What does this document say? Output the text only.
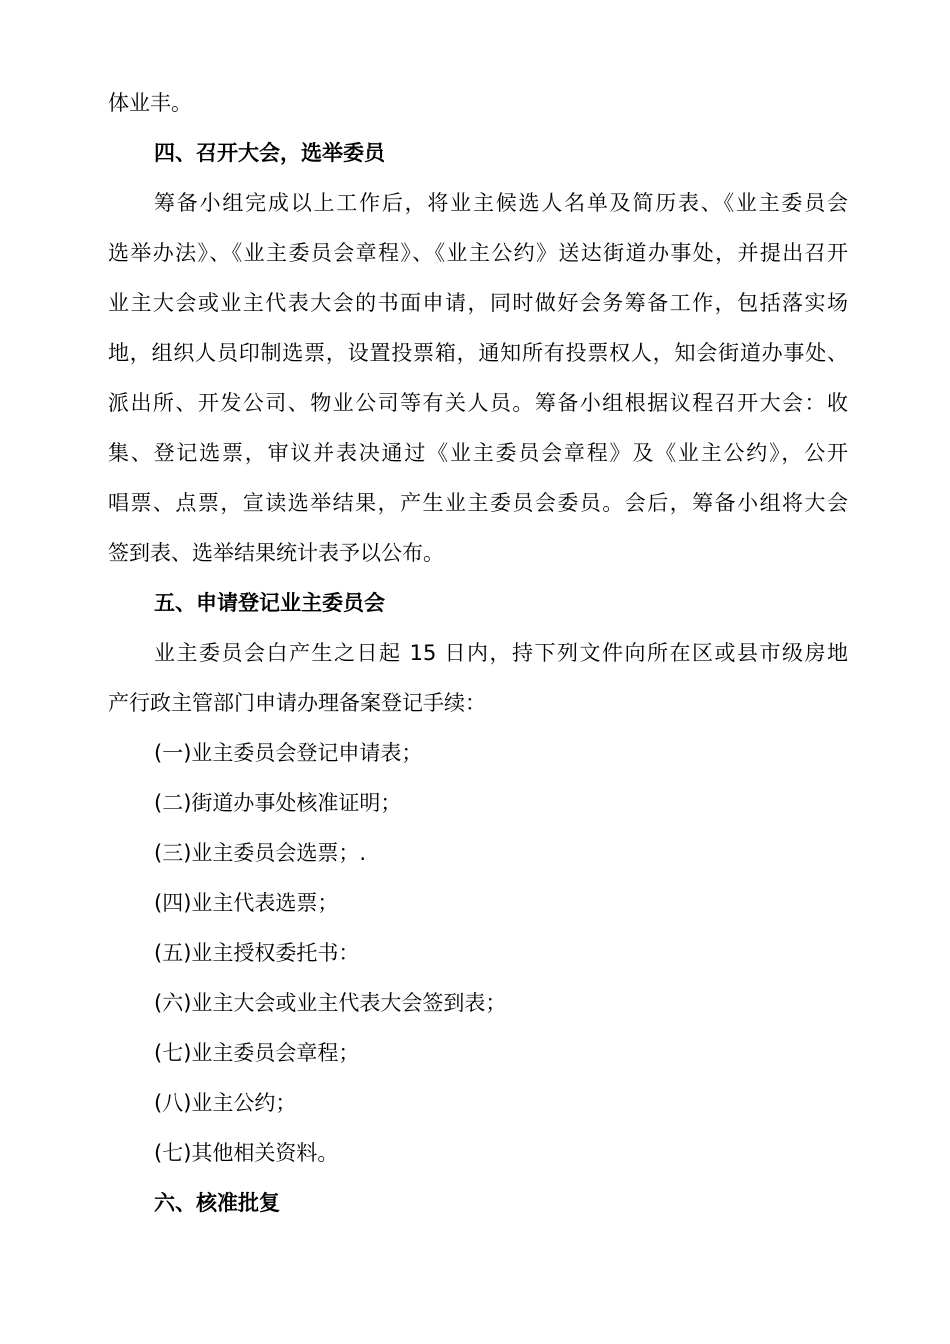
体业丰。
四、召开大会，选举委员
筹备小组完成以上工作后，将业主候选人名单及简历表、《业主委员会
选举办法》、《业主委员会章程》、《业主公约》送达街道办事处，并提出召开
业主大会或业主代表大会的书面申请，同时做好会务筹备工作，包括落实场
地，组织人员印制选票，设置投票箱，通知所有投票权人，知会街道办事处、
派出所、开发公司、物业公司等有关人员。筹备小组根据议程召开大会：收
集、登记选票，审议并表决通过《业主委员会章程》及《业主公约》，公开
唱票、点票，宣读选举结果，产生业主委员会委员。会后，筹备小组将大会
签到表、选举结果统计表予以公布。
五、申请登记业主委员会
业主委员会白产生之日起 15 日内，持下列文件向所在区或县市级房地
产行政主管部门申请办理备案登记手续：
(一)业主委员会登记申请表；
(二)街道办事处核准证明；
(三)业主委员会选票；.
(四)业主代表选票；
(五)业主授权委托书：
(六)业主大会或业主代表大会签到表；
(七)业主委员会章程；
(八)业主公约；
(七)其他相关资料。
六、核准批复
